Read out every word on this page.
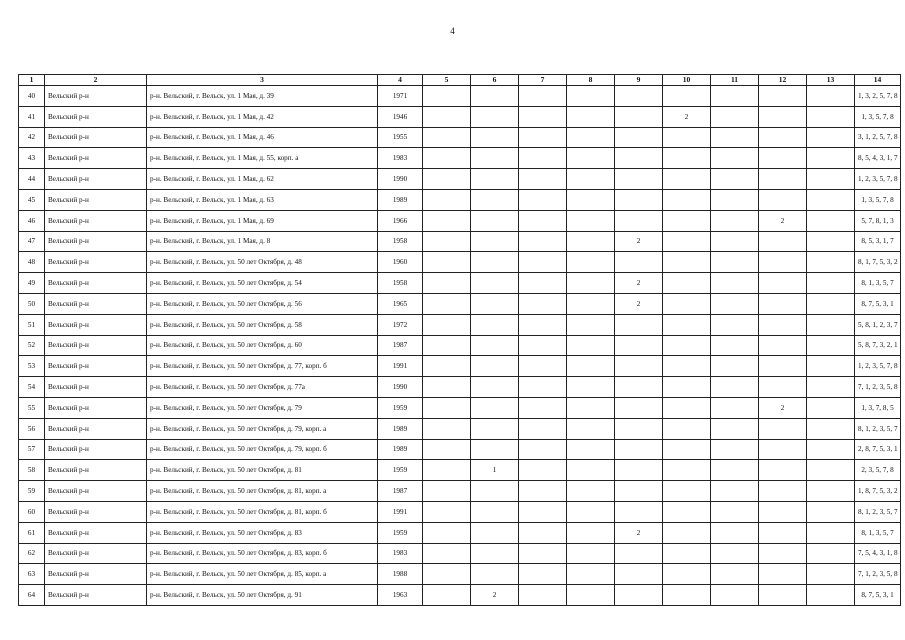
4
1	2	3	4	5	6	7	8	9	10	11	12	13	14
40	Вельский р-н	р-н. Вельский, г. Вельск, ул. 1 Мая, д. 39	1971										1, 3, 2, 5, 7, 8
41	Вельский р-н	р-н. Вельский, г. Вельск, ул. 1 Мая, д. 42	1946						2				1, 3, 5, 7, 8
42	Вельский р-н	р-н. Вельский, г. Вельск, ул. 1 Мая, д. 46	1955										3, 1, 2, 5, 7, 8
43	Вельский р-н	р-н. Вельский, г. Вельск, ул. 1 Мая, д. 55, корп. а	1983										8, 5, 4, 3, 1, 7
44	Вельский р-н	р-н. Вельский, г. Вельск, ул. 1 Мая, д. 62	1990										1, 2, 3, 5, 7, 8
45	Вельский р-н	р-н. Вельский, г. Вельск, ул. 1 Мая, д. 63	1989										1, 3, 5, 7, 8
46	Вельский р-н	р-н. Вельский, г. Вельск, ул. 1 Мая, д. 69	1966								2		5, 7, 8, 1, 3
47	Вельский р-н	р-н. Вельский, г. Вельск, ул. 1 Мая, д. 8	1958					2					8, 5, 3, 1, 7
48	Вельский р-н	р-н. Вельский, г. Вельск, ул. 50 лет Октября, д. 48	1960										8, 1, 7, 5, 3, 2
49	Вельский р-н	р-н. Вельский, г. Вельск, ул. 50 лет Октября, д. 54	1958					2					8, 1, 3, 5, 7
50	Вельский р-н	р-н. Вельский, г. Вельск, ул. 50 лет Октября, д. 56	1965					2					8, 7, 5, 3, 1
51	Вельский р-н	р-н. Вельский, г. Вельск, ул. 50 лет Октября, д. 58	1972										5, 8, 1, 2, 3, 7
52	Вельский р-н	р-н. Вельский, г. Вельск, ул. 50 лет Октября, д. 60	1987										5, 8, 7, 3, 2, 1
53	Вельский р-н	р-н. Вельский, г. Вельск, ул. 50 лет Октября, д. 77, корп. б	1991										1, 2, 3, 5, 7, 8
54	Вельский р-н	р-н. Вельский, г. Вельск, ул. 50 лет Октября, д. 77а	1990										7, 1, 2, 3, 5, 8
55	Вельский р-н	р-н. Вельский, г. Вельск, ул. 50 лет Октября, д. 79	1959								2		1, 3, 7, 8, 5
56	Вельский р-н	р-н. Вельский, г. Вельск, ул. 50 лет Октября, д. 79, корп. а	1989										8, 1, 2, 3, 5, 7
57	Вельский р-н	р-н. Вельский, г. Вельск, ул. 50 лет Октября, д. 79, корп. б	1989										2, 8, 7, 5, 3, 1
58	Вельский р-н	р-н. Вельский, г. Вельск, ул. 50 лет Октября, д. 81	1959		1								2, 3, 5, 7, 8
59	Вельский р-н	р-н. Вельский, г. Вельск, ул. 50 лет Октября, д. 81, корп. а	1987										1, 8, 7, 5, 3, 2
60	Вельский р-н	р-н. Вельский, г. Вельск, ул. 50 лет Октября, д. 81, корп. б	1991										8, 1, 2, 3, 5, 7
61	Вельский р-н	р-н. Вельский, г. Вельск, ул. 50 лет Октября, д. 83	1959					2					8, 1, 3, 5, 7
62	Вельский р-н	р-н. Вельский, г. Вельск, ул. 50 лет Октября, д. 83, корп. б	1983										7, 5, 4, 3, 1, 8
63	Вельский р-н	р-н. Вельский, г. Вельск, ул. 50 лет Октября, д. 85, корп. а	1988										7, 1, 2, 3, 5, 8
64	Вельский р-н	р-н. Вельский, г. Вельск, ул. 50 лет Октября, д. 91	1963		2								8, 7, 5, 3, 1
